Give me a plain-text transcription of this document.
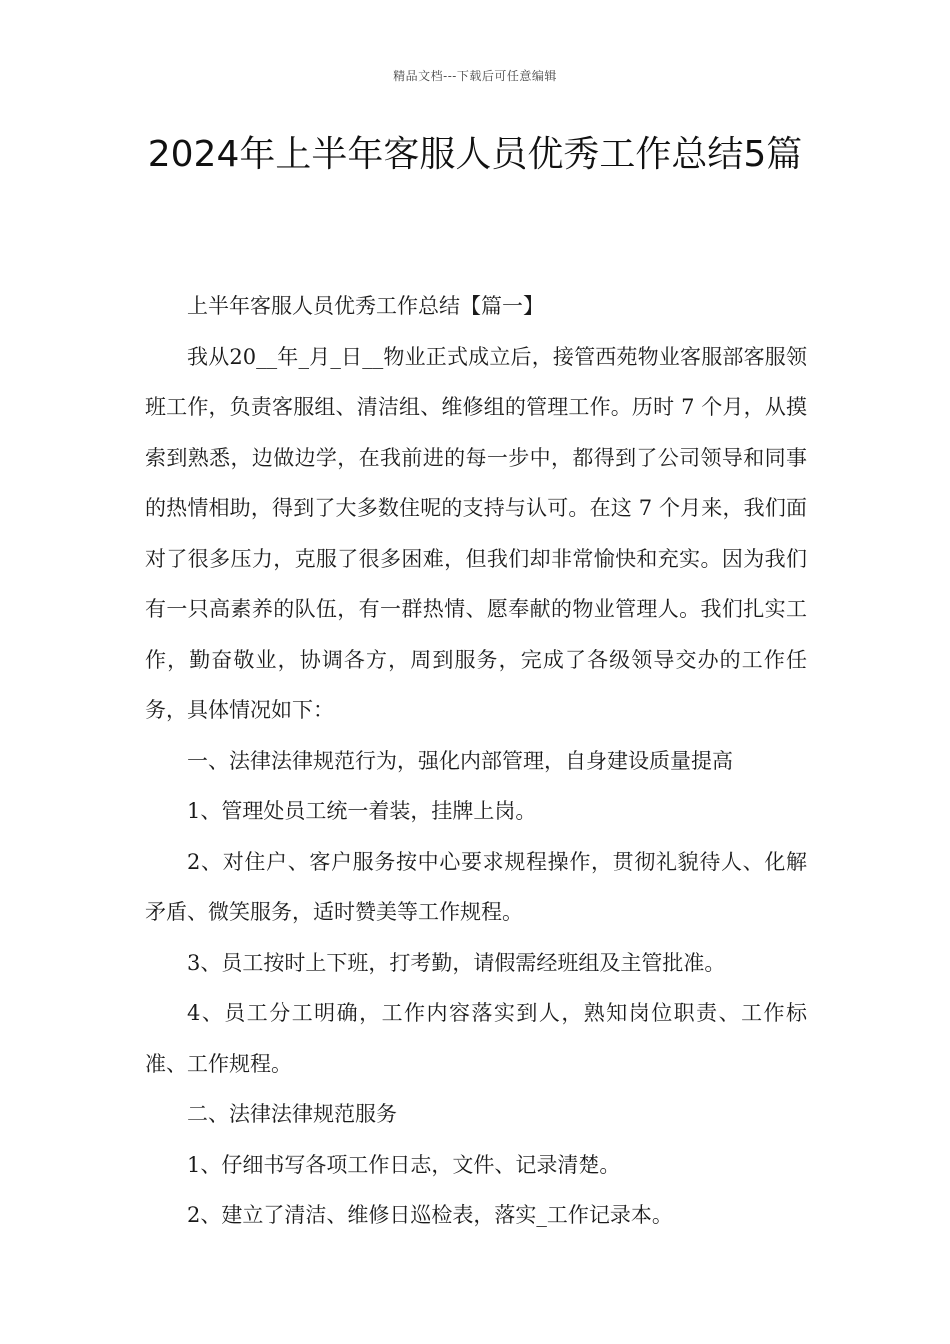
精品文档---下载后可任意编辑
2024年上半年客服人员优秀工作总结5篇

上半年客服人员优秀工作总结【篇一】

我从20__年_月_日__物业正式成立后，接管西苑物业客服部客服领班工作，负责客服组、清洁组、维修组的管理工作。历时 7 个月，从摸索到熟悉，边做边学，在我前进的每一步中，都得到了公司领导和同事的热情相助，得到了大多数住呢的支持与认可。在这 7 个月来，我们面对了很多压力，克服了很多困难，但我们却非常愉快和充实。因为我们有一只高素养的队伍，有一群热情、愿奉献的物业管理人。我们扎实工作，勤奋敬业，协调各方，周到服务，完成了各级领导交办的工作任务，具体情况如下：

一、法律法律规范行为，强化内部管理，自身建设质量提高

1、管理处员工统一着装，挂牌上岗。

2、对住户、客户服务按中心要求规程操作，贯彻礼貌待人、化解矛盾、微笑服务，适时赞美等工作规程。

3、员工按时上下班，打考勤，请假需经班组及主管批准。

4、员工分工明确，工作内容落实到人，熟知岗位职责、工作标准、工作规程。

二、法律法律规范服务

1、仔细书写各项工作日志，文件、记录清楚。

2、建立了清洁、维修日巡检表，落实_工作记录本。
